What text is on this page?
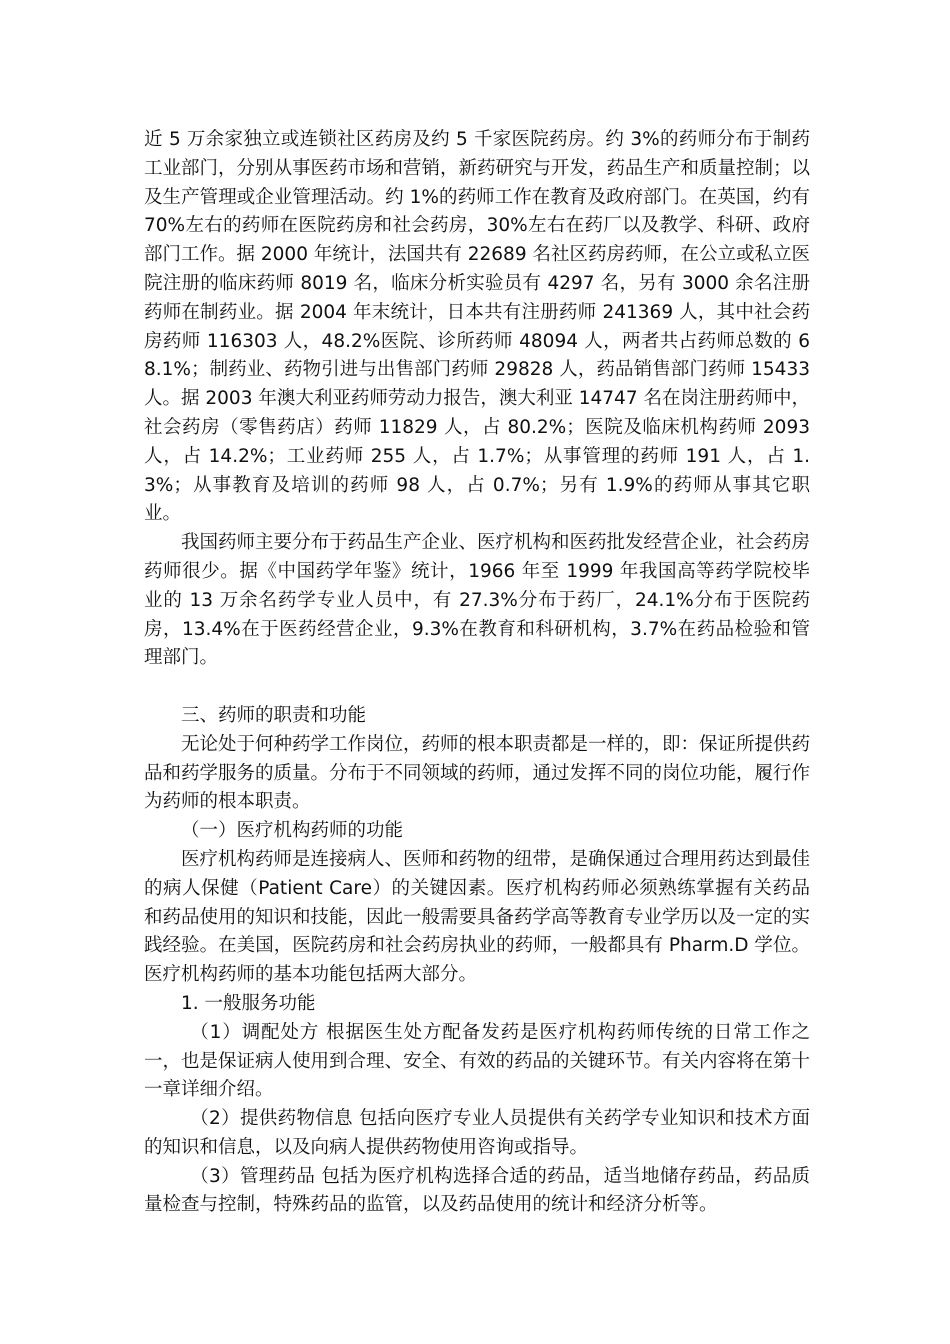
近 5 万余家独立或连锁社区药房及约 5 千家医院药房。约 3%的药师分布于制药工业部门，分别从事医药市场和营销，新药研究与开发，药品生产和质量控制；以及生产管理或企业管理活动。约 1%的药师工作在教育及政府部门。在英国，约有 70%左右的药师在医院药房和社会药房，30%左右在药厂以及教学、科研、政府部门工作。据 2000 年统计，法国共有 22689 名社区药房药师，在公立或私立医院注册的临床药师 8019 名，临床分析实验员有 4297 名，另有 3000 余名注册药师在制药业。据 2004 年末统计，日本共有注册药师 241369 人，其中社会药房药师 116303 人，48.2%医院、诊所药师 48094 人，两者共占药师总数的 68.1%；制药业、药物引进与出售部门药师 29828 人，药品销售部门药师 15433 人。据 2003 年澳大利亚药师劳动力报告，澳大利亚 14747 名在岗注册药师中，社会药房（零售药店）药师 11829 人，占 80.2%；医院及临床机构药师 2093 人，占 14.2%；工业药师 255 人，占 1.7%；从事管理的药师 191 人，占 1.3%；从事教育及培训的药师 98 人，占 0.7%；另有 1.9%的药师从事其它职业。

我国药师主要分布于药品生产企业、医疗机构和医药批发经营企业，社会药房药师很少。据《中国药学年鉴》统计，1966 年至 1999 年我国高等药学院校毕业的 13 万余名药学专业人员中，有 27.3%分布于药厂，24.1%分布于医院药房，13.4%在于医药经营企业，9.3%在教育和科研机构，3.7%在药品检验和管理部门。

三、药师的职责和功能

无论处于何种药学工作岗位，药师的根本职责都是一样的，即：保证所提供药品和药学服务的质量。分布于不同领域的药师，通过发挥不同的岗位功能，履行作为药师的根本职责。

（一）医疗机构药师的功能

医疗机构药师是连接病人、医师和药物的纽带，是确保通过合理用药达到最佳的病人保健（Patient Care）的关键因素。医疗机构药师必须熟练掌握有关药品和药品使用的知识和技能，因此一般需要具备药学高等教育专业学历以及一定的实践经验。在美国，医院药房和社会药房执业的药师，一般都具有 Pharm.D 学位。医疗机构药师的基本功能包括两大部分。

1. 一般服务功能

（1）调配处方 根据医生处方配备发药是医疗机构药师传统的日常工作之一，也是保证病人使用到合理、安全、有效的药品的关键环节。有关内容将在第十一章详细介绍。

（2）提供药物信息 包括向医疗专业人员提供有关药学专业知识和技术方面的知识和信息，以及向病人提供药物使用咨询或指导。

（3）管理药品 包括为医疗机构选择合适的药品，适当地储存药品，药品质量检查与控制，特殊药品的监管，以及药品使用的统计和经济分析等。
